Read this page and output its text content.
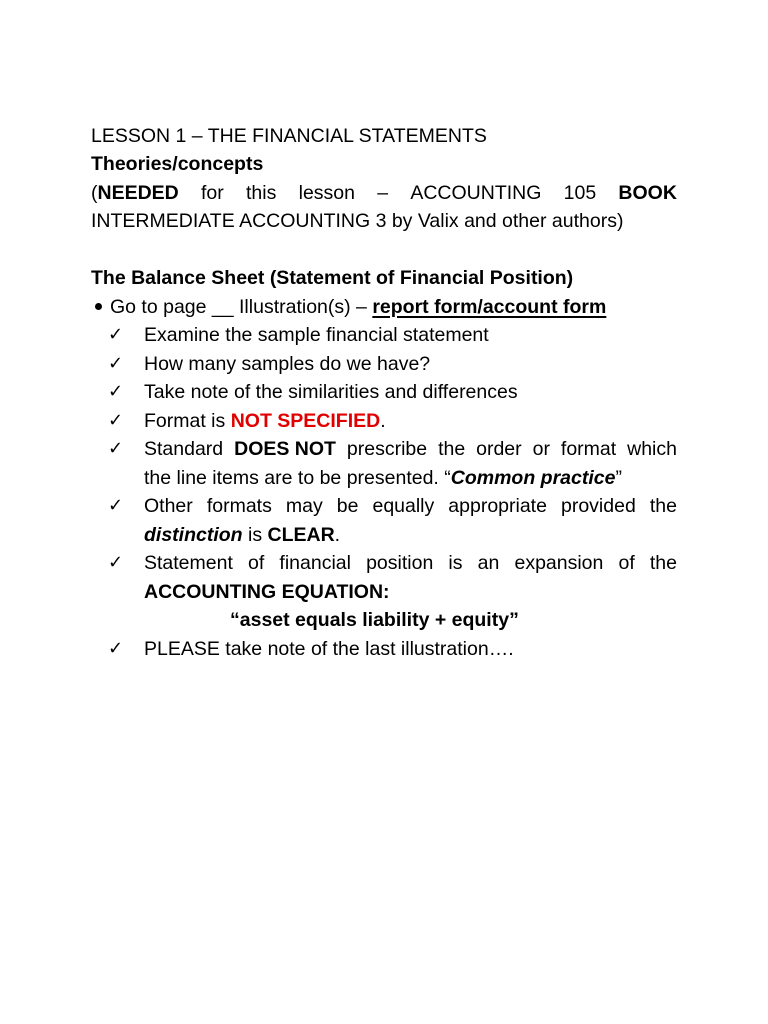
LESSON 1 – THE FINANCIAL STATEMENTS
Theories/concepts
(NEEDED for this lesson – ACCOUNTING 105 BOOK
INTERMEDIATE ACCOUNTING 3 by Valix and other authors)
The Balance Sheet (Statement of Financial Position)
Go to page __ Illustration(s) – report form/account form
✓	Examine the sample financial statement
✓	How many samples do we have?
✓	Take note of the similarities and differences
✓	Format is NOT SPECIFIED.
✓	Standard DOES NOT prescribe the order or format which
the line items are to be presented. “Common practice”
✓	Other formats may be equally appropriate provided the
distinction is CLEAR.
✓	Statement of financial position is an expansion of the
ACCOUNTING EQUATION:
“asset equals liability + equity”
✓	PLEASE take note of the last illustration….
